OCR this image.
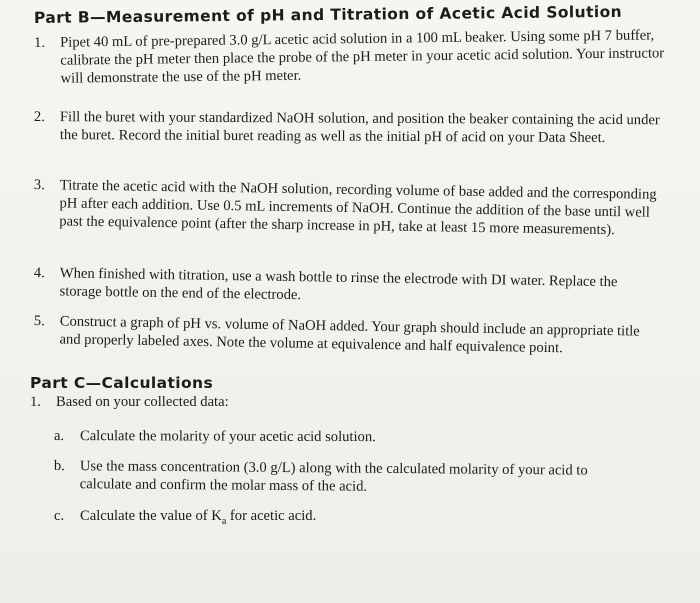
Part B—Measurement of pH and Titration of Acetic Acid Solution
1.	Pipet 40 mL of pre-prepared 3.0 g/L acetic acid solution in a 100 mL beaker. Using some pH 7 buffer, calibrate the pH meter then place the probe of the pH meter in your acetic acid solution. Your instructor will demonstrate the use of the pH meter.
2.	Fill the buret with your standardized NaOH solution, and position the beaker containing the acid under the buret. Record the initial buret reading as well as the initial pH of acid on your Data Sheet.
3.	Titrate the acetic acid with the NaOH solution, recording volume of base added and the corresponding pH after each addition. Use 0.5 mL increments of NaOH. Continue the addition of the base until well past the equivalence point (after the sharp increase in pH, take at least 15 more measurements).
4.	When finished with titration, use a wash bottle to rinse the electrode with DI water. Replace the storage bottle on the end of the electrode.
5.	Construct a graph of pH vs. volume of NaOH added. Your graph should include an appropriate title and properly labeled axes. Note the volume at equivalence and half equivalence point.
Part C—Calculations
1.	Based on your collected data:
a.	Calculate the molarity of your acetic acid solution.
b.	Use the mass concentration (3.0 g/L) along with the calculated molarity of your acid to calculate and confirm the molar mass of the acid.
c.	Calculate the value of $K_a$ for acetic acid.
